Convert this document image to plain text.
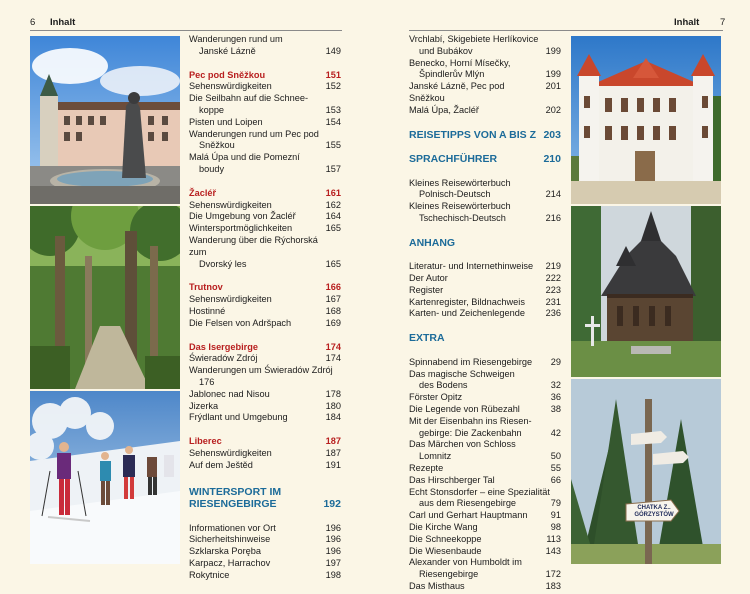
6 Inhalt
Wanderungen rund um
Janské Lázně	149
Pec pod Sněžkou	151
Sehenswürdigkeiten	152
Die Seilbahn auf die Schnee-
koppe	153
Pisten und Loipen	154
Wanderungen rund um Pec pod
Sněžkou	155
Malá Úpa und die Pomezní
boudy	157
Žacléř	161
Sehenswürdigkeiten	162
Die Umgebung von Žacléř	164
Wintersportmöglichkeiten	165
Wanderung über die Rýchorská zum
Dvorský les	165
Trutnov	166
Sehenswürdigkeiten	167
Hostinné	168
Die Felsen von Adršpach	169
Das Isergebirge	174
Świeradów Zdrój	174
Wanderungen um Świeradów Zdrój
176
Jablonec nad Nisou	178
Jizerka	180
Frýdlant und Umgebung	184
Liberec	187
Sehenswürdigkeiten	187
Auf dem Ještěd	191
WINTERSPORT IM
RIESENGEBIRGE	192
Informationen vor Ort	196
Sicherheitshinweise	196
Szklarska Poręba	196
Karpacz, Harrachov	197
Rokytnice	198
Inhalt 7
Vrchlabí, Skigebiete Herlíkovice
und Bubákov	199
Benecko, Horní Mísečky,
Špindlerův Mlýn	199
Janské Lázně, Pec pod Sněžkou
201
Malá Úpa, Žacléř	202
REISETIPPS VON A BIS Z 203
SPRACHFÜHRER	210
Kleines Reisewörterbuch
Polnisch-Deutsch	214
Kleines Reisewörterbuch
Tschechisch-Deutsch	216
ANHANG
Literatur- und Internethinweise	219
Der Autor	222
Register	223
Kartenregister, Bildnachweis	231
Karten- und Zeichenlegende	236
EXTRA
Spinnabend im Riesengebirge	29
Das magische Schweigen
des Bodens	32
Förster Opitz	36
Die Legende von Rübezahl	38
Mit der Eisenbahn ins Riesen-
gebirge: Die Zackenbahn	42
Das Märchen von Schloss
Lomnitz	50
Rezepte	55
Das Hirschberger Tal	66
Echt Stonsdorfer – eine Spezialität
aus dem Riesengebirge	79
Carl und Gerhart Hauptmann	91
Die Kirche Wang	98
Die Schneekoppe	113
Die Wiesenbaude	143
Alexander von Humboldt im
Riesengebirge	172
Das Misthaus	183
CHATKA Z..
GÓRZYSTÓW
